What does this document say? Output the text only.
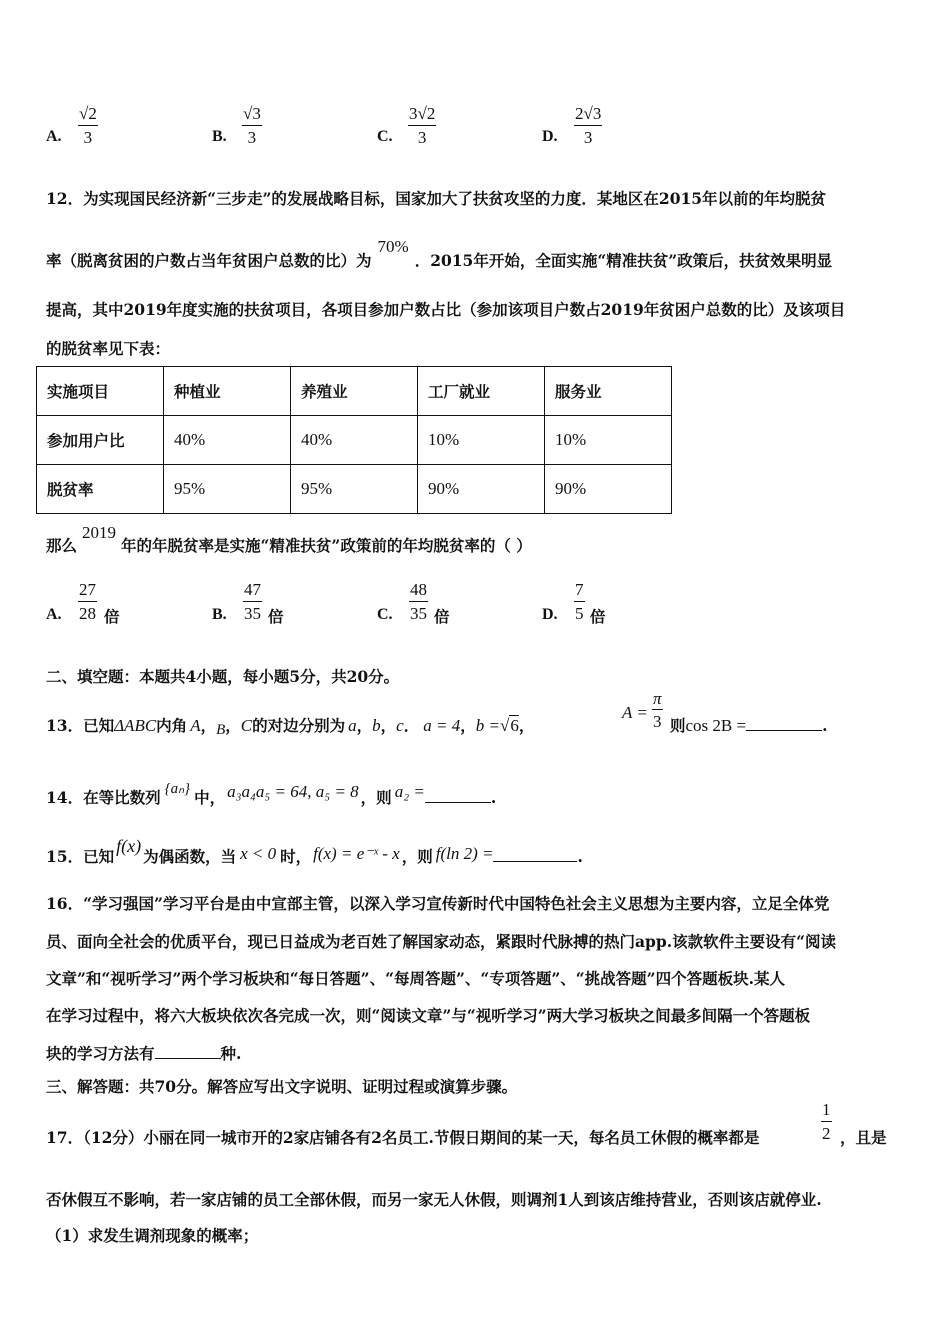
A. $\frac{√2}{3}$	B. $\frac{√3}{3}$	C. $\frac{3√2}{3}$	D. $\frac{2√3}{3}$
12．为实现国民经济新“三步走”的发展战略目标，国家加大了扶贫攻坚的力度．某地区在2015年以前的年均脱贫
率（脱离贫困的户数占当年贫困户总数的比）为70%．2015年开始，全面实施“精准扶贫”政策后，扶贫效果明显
提高，其中2019年度实施的扶贫项目，各项目参加户数占比（参加该项目户数占2019年贫困户总数的比）及该项目
的脱贫率见下表：
实施项目	种植业	养殖业	工厂就业	服务业
参加用户比	40%	40%	10%	10%
脱贫率	95%	95%	90%	90%
那么2019年的年脱贫率是实施“精准扶贫”政策前的年均脱贫率的（ ）
A. $\frac{27}{28}$ 倍	B. $\frac{47}{35}$ 倍	C. $\frac{48}{35}$ 倍	D. $\frac{7}{5}$ 倍
二、填空题：本题共4小题，每小题5分，共20分。
13．已知ΔABC内角 A，B，C的对边分别为 a，b，c． a = 4，b =√6，
$A = \frac{\pi}{3}$ 则cos 2B =	.
14．在等比数列 {aₙ} 中， a₃a₄a₅ = 64, a₅ = 8 ，则 a₂ =	.
15．已知f(x)为偶函数，当 x < 0 时， f(x) = e⁻ˣ - x ，则 f(ln 2) =	.
16．“学习强国”学习平台是由中宣部主管，以深入学习宣传新时代中国特色社会主义思想为主要内容，立足全体党
员、面向全社会的优质平台，现已日益成为老百姓了解国家动态，紧跟时代脉搏的热门app.该款软件主要设有“阅读
文章”和“视听学习”两个学习板块和“每日答题”、“每周答题”、“专项答题”、“挑战答题”四个答题板块.某人
在学习过程中，将六大板块依次各完成一次，则“阅读文章”与“视听学习”两大学习板块之间最多间隔一个答题板
块的学习方法有	种.
三、解答题：共70分。解答应写出文字说明、证明过程或演算步骤。
17．（12分）小丽在同一城市开的2家店铺各有2名员工.节假日期间的某一天，每名员工休假的概率都是	$\frac{1}{2}$ ，且是
否休假互不影响，若一家店铺的员工全部休假，而另一家无人休假，则调剂1人到该店维持营业，否则该店就停业.
（1）求发生调剂现象的概率；
